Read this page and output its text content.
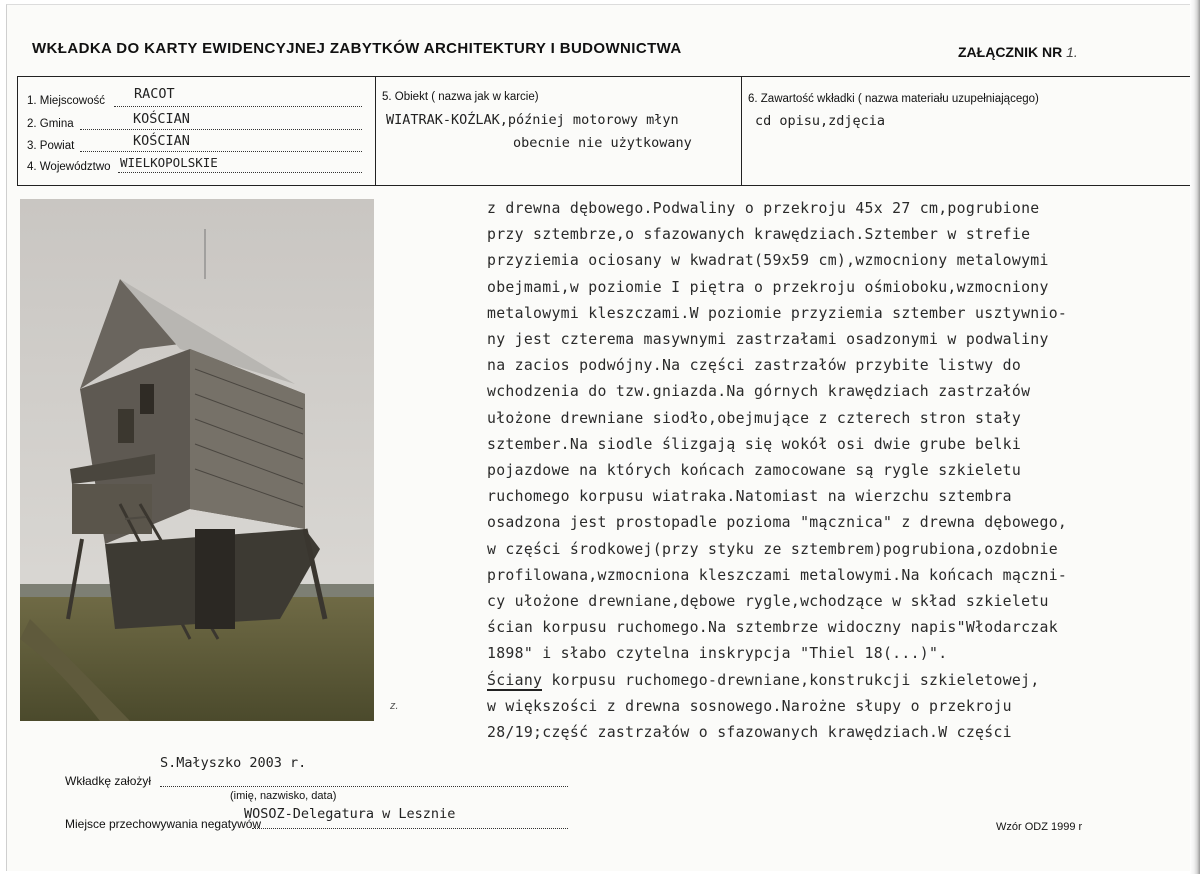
WKŁADKA DO KARTY EWIDENCYJNEJ ZABYTKÓW ARCHITEKTURY I BUDOWNICTWA	ZAŁĄCZNIK NR 1.
1. Miejscowość RACOT
2. Gmina	KOŚCIAN
3. Powiat	KOŚCIAN
4. Województwo WIELKOPOLSKIE
5. Obiekt ( nazwa jak w karcie)
WIATRAK-KOŹLAK,później motorowy młyn
obecnie nie użytkowany
6. Zawartość wkładki ( nazwa materiału uzupełniającego)
cd opisu,zdjęcia
z.
z drewna dębowego.Podwaliny o przekroju 45x 27 cm,pogrubione
przy sztembrze,o sfazowanych krawędziach.Sztember w strefie
przyziemia ociosany w kwadrat(59x59 cm),wzmocniony metalowymi
obejmami,w poziomie I piętra o przekroju ośmioboku,wzmocniony
metalowymi kleszczami.W poziomie przyziemia sztember usztywnio-
ny jest czterema masywnymi zastrzałami osadzonymi w podwaliny
na zacios podwójny.Na części zastrzałów przybite listwy do
wchodzenia do tzw.gniazda.Na górnych krawędziach zastrzałów
ułożone drewniane siodło,obejmujące z czterech stron stały
sztember.Na siodle ślizgają się wokół osi dwie grube belki
pojazdowe na których końcach zamocowane są rygle szkieletu
ruchomego korpusu wiatraka.Natomiast na wierzchu sztembra
osadzona jest prostopadle pozioma "mącznica" z drewna dębowego,
w części środkowej(przy styku ze sztembrem)pogrubiona,ozdobnie
profilowana,wzmocniona kleszczami metalowymi.Na końcach mączni-
cy ułożone drewniane,dębowe rygle,wchodzące w skład szkieletu
ścian korpusu ruchomego.Na sztembrze widoczny napis"Włodarczak
1898" i słabo czytelna inskrypcja "Thiel 18(...)".
Ściany korpusu ruchomego-drewniane,konstrukcji szkieletowej,
w większości z drewna sosnowego.Narożne słupy o przekroju
28/19;część zastrzałów o sfazowanych krawędziach.W części
S.Małyszko 2003 r.
Wkładkę założył
(imię, nazwisko, data)
Miejsce przechowywania negatywów
WOSOZ-Delegatura w Lesznie
Wzór ODZ 1999 r
